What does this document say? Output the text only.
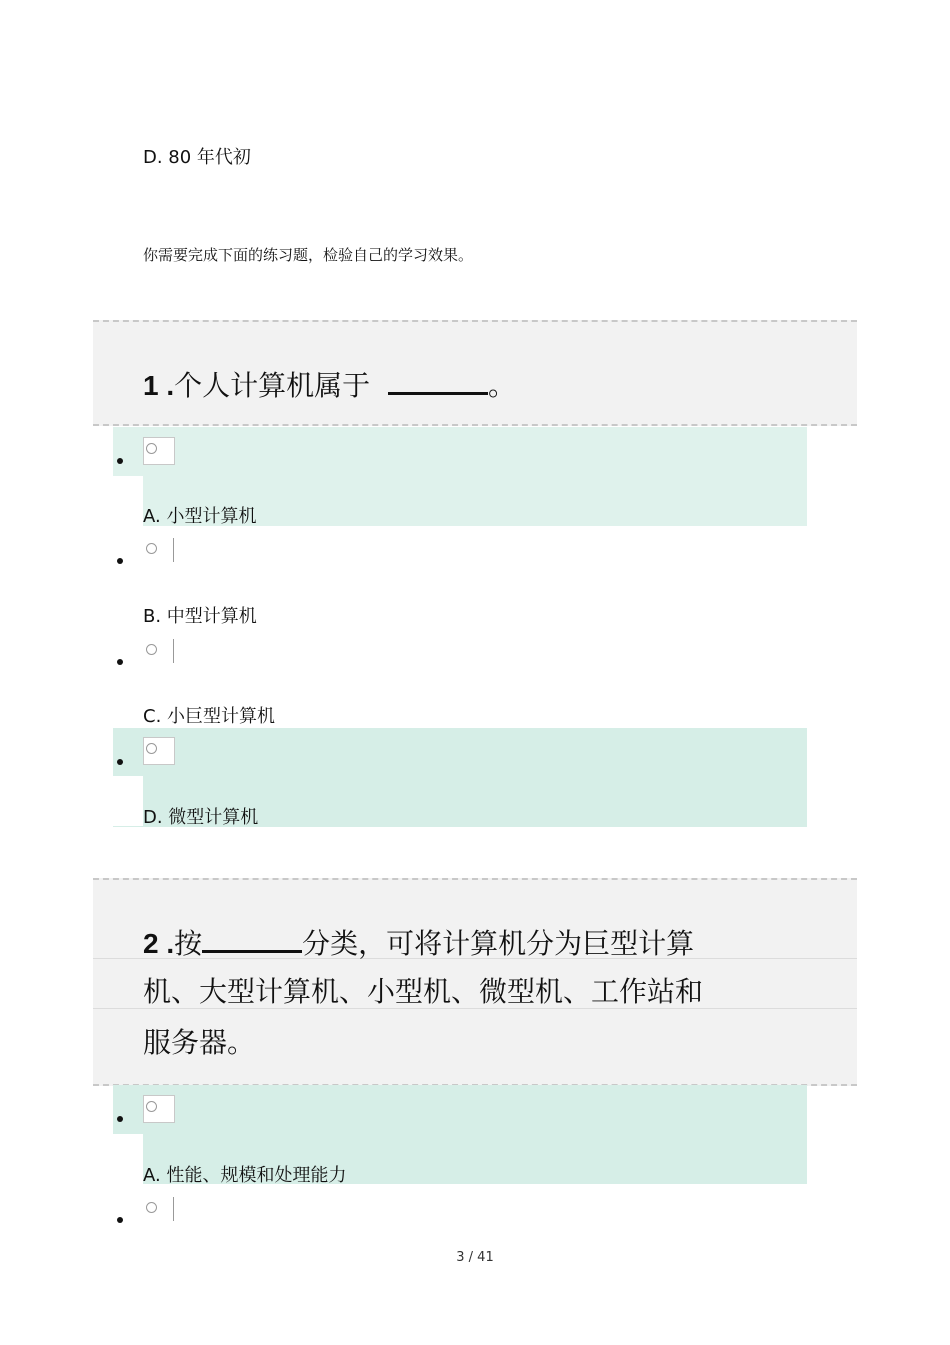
D. 80 年代初
你需要完成下面的练习题，检验自己的学习效果。
1 .个人计算机属于	。
A. 小型计算机
B. 中型计算机
C. 小巨型计算机
D. 微型计算机
2 .按	分类，可将计算机分为巨型计算
机、大型计算机、小型机、微型机、工作站和
服务器。
A. 性能、规模和处理能力
3 / 41
